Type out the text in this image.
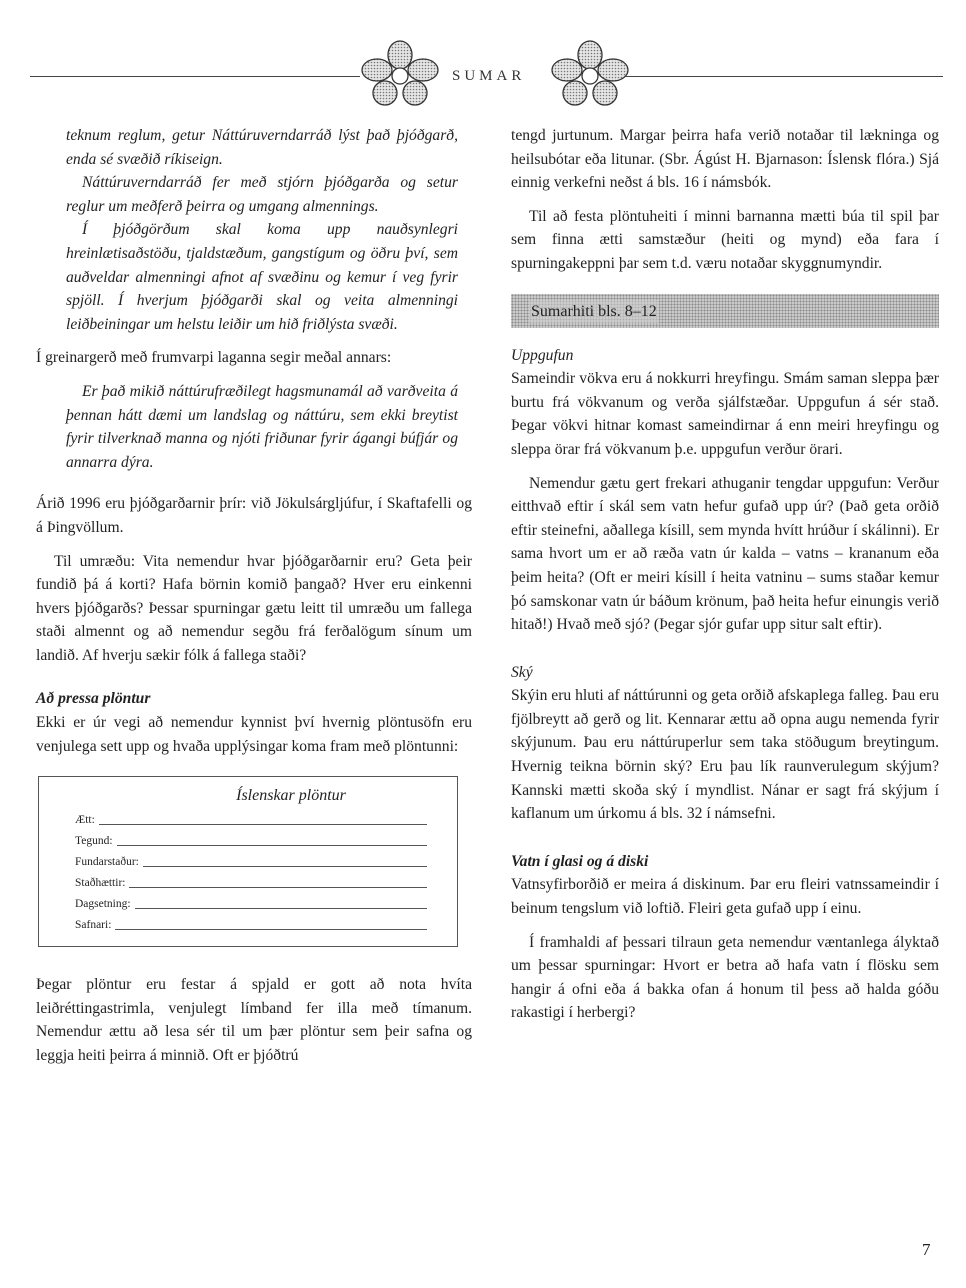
SUMAR

teknum reglum, getur Náttúruverndarráð lýst það þjóðgarð, enda sé svæðið ríkiseign.

Náttúruverndarráð fer með stjórn þjóðgarða og setur reglur um meðferð þeirra og umgang almennings.

Í þjóðgörðum skal koma upp nauðsynlegri hreinlætisaðstöðu, tjaldstæðum, gangstígum og öðru því, sem auðveldar almenningi afnot af svæðinu og kemur í veg fyrir spjöll. Í hverjum þjóðgarði skal og veita almenningi leiðbeiningar um helstu leiðir um hið friðlýsta svæði.

Í greinargerð með frumvarpi laganna segir meðal annars:

Er það mikið náttúrufræðilegt hagsmunamál að varðveita á þennan hátt dæmi um landslag og náttúru, sem ekki breytist fyrir tilverknað manna og njóti friðunar fyrir ágangi búfjár og annarra dýra.

Árið 1996 eru þjóðgarðarnir þrír: við Jökulsárgljúfur, í Skaftafelli og á Þingvöllum.

Til umræðu: Vita nemendur hvar þjóðgarðarnir eru? Geta þeir fundið þá á korti? Hafa börnin komið þangað? Hver eru einkenni hvers þjóðgarðs? Þessar spurningar gætu leitt til umræðu um fallega staði almennt og að nemendur segðu frá ferðalögum sínum um landið. Af hverju sækir fólk á fallega staði?

Að pressa plöntur

Ekki er úr vegi að nemendur kynnist því hvernig plöntusöfn eru venjulega sett upp og hvaða upplýsingar koma fram með plöntunni:

Íslenskar plöntur
Ætt:
Tegund:
Fundarstaður:
Staðhættir:
Dagsetning:
Safnari:

Þegar plöntur eru festar á spjald er gott að nota hvíta leiðréttingastrimla, venjulegt límband fer illa með tímanum. Nemendur ættu að lesa sér til um þær plöntur sem þeir safna og leggja heiti þeirra á minnið. Oft er þjóðtrú

tengd jurtunum. Margar þeirra hafa verið notaðar til lækninga og heilsubótar eða litunar. (Sbr. Ágúst H. Bjarnason: Íslensk flóra.) Sjá einnig verkefni neðst á bls. 16 í námsbók.

Til að festa plöntuheiti í minni barnanna mætti búa til spil þar sem finna ætti samstæður (heiti og mynd) eða fara í spurningakeppni þar sem t.d. væru notaðar skyggnumyndir.

Sumarhiti bls. 8–12
Uppgufun

Sameindir vökva eru á nokkurri hreyfingu. Smám saman sleppa þær burtu frá vökvanum og verða sjálfstæðar. Uppgufun á sér stað. Þegar vökvi hitnar komast sameindirnar á enn meiri hreyfingu og sleppa örar frá vökvanum þ.e. uppgufun verður örari.

Nemendur gætu gert frekari athuganir tengdar uppgufun: Verður eitthvað eftir í skál sem vatn hefur gufað upp úr? (Það geta orðið eftir steinefni, aðallega kísill, sem mynda hvítt hrúður í skálinni). Er sama hvort um er að ræða vatn úr kalda – vatns – krananum eða þeim heita? (Oft er meiri kísill í heita vatninu – sums staðar kemur þó samskonar vatn úr báðum krönum, það heita hefur einungis verið hitað!) Hvað með sjó? (Þegar sjór gufar upp situr salt eftir).

Ský

Skýin eru hluti af náttúrunni og geta orðið afskaplega falleg. Þau eru fjölbreytt að gerð og lit. Kennarar ættu að opna augu nemenda fyrir skýjunum. Þau eru náttúruperlur sem taka stöðugum breytingum. Hvernig teikna börnin ský? Eru þau lík raunverulegum skýjum? Kannski mætti skoða ský í myndlist. Nánar er sagt frá skýjum í kaflanum um úrkomu á bls. 32 í námsefni.

Vatn í glasi og á diski

Vatnsyfirborðið er meira á diskinum. Þar eru fleiri vatnssameindir í beinum tengslum við loftið. Fleiri geta gufað upp í einu.

Í framhaldi af þessari tilraun geta nemendur væntanlega ályktað um þessar spurningar: Hvort er betra að hafa vatn í flösku sem hangir á ofni eða á bakka ofan á honum til þess að halda góðu rakastigi í herbergi?

7
